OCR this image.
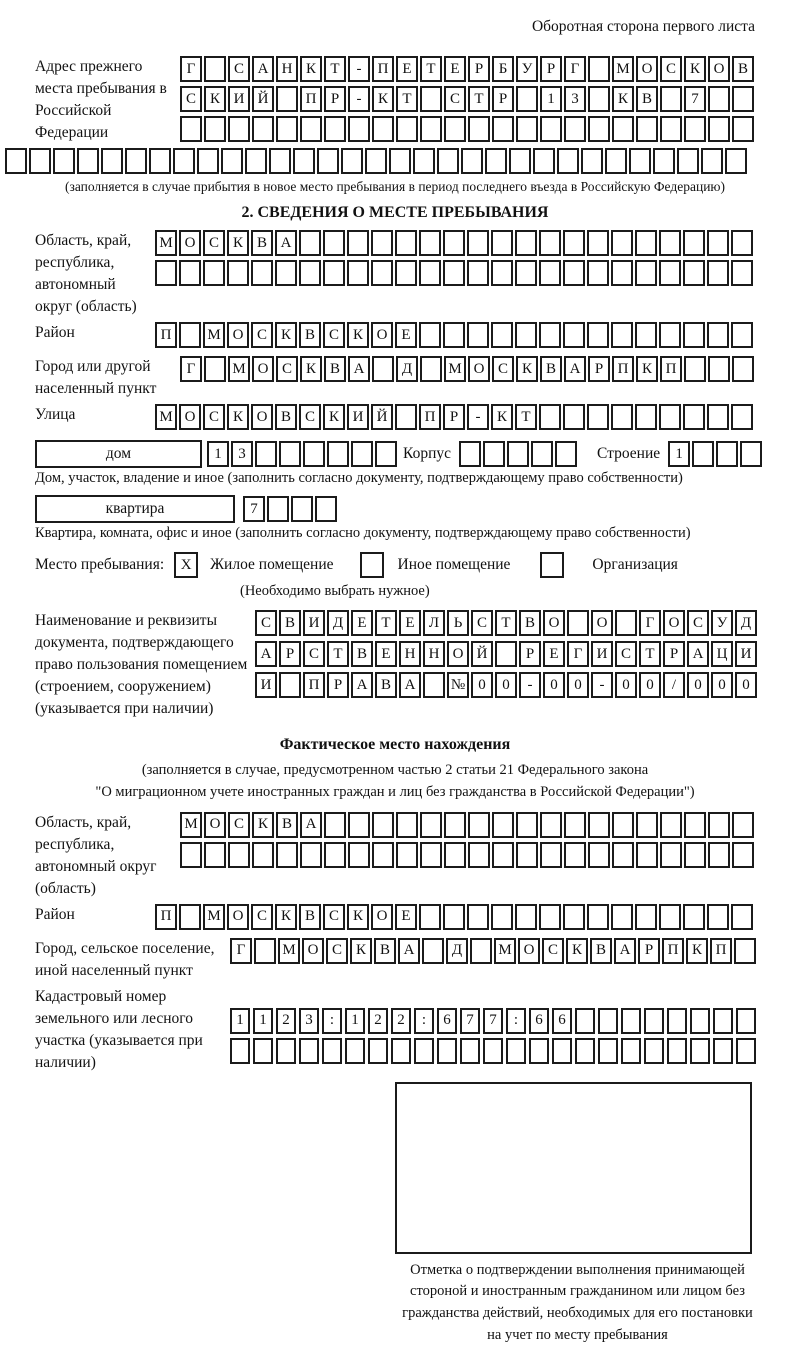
Оборотная сторона первого листа
Адрес прежнего места пребывания в Российской Федерации
Г	С А Н К Т	-	П Е Т Е	Р	Б У Р	Г	М О С К О В
С К И Й	П Р	-	К Т	С Т	Р	1	3	К В	7
(заполняется в случае прибытия в новое место пребывания в период последнего въезда в Российскую Федерацию)
2. СВЕДЕНИЯ О МЕСТЕ ПРЕБЫВАНИЯ
Область, край, республика, автономный округ (область)
М О С К В А
Район	П	М О С К В С К О Е
Город или другой населенный пункт
Г	М О С К В А	Д	М О С К В А Р П К П
Улица	М О С К О В С К И Й	П Р	-	К Т
дом	1	3	Корпус	Строение	1
Дом, участок, владение и иное (заполнить согласно документу, подтверждающему право собственности)
квартира	7
Квартира, комната, офис и иное (заполнить согласно документу, подтверждающему право собственности)
Место пребывания:	X	Жилое помещение	Иное помещение	Организация
(Необходимо выбрать нужное)
Наименование и реквизиты документа, подтверждающего право пользования помещением (строением, сооружением) (указывается при наличии)
С В И Д Е Т Е Л Ь С Т В О	О	Г О С У Д
А Р С Т В Е Н Н О Й	Р	Е	Г И С Т	Р А Ц И
И	П Р А В А	№ 0	0	-	0	0	-	0	0	/	0	0	0
Фактическое место нахождения
(заполняется в случае, предусмотренном частью 2 статьи 21 Федерального закона
"О миграционном учете иностранных граждан и лиц без гражданства в Российской Федерации")
Область, край, республика, автономный округ (область)
М О С К В А
Район	П	М О С К В С К О Е
Город, сельское поселение, иной населенный пункт
Г	М О С К В А	Д	М О С К В А Р П К П
Кадастровый номер земельного или лесного участка (указывается при наличии)
1	1	2	3	:	1	2	2	:	6	7	7	:	6	6
Отметка о подтверждении выполнения принимающей стороной и иностранным гражданином или лицом без гражданства действий, необходимых для его постановки на учет по месту пребывания
